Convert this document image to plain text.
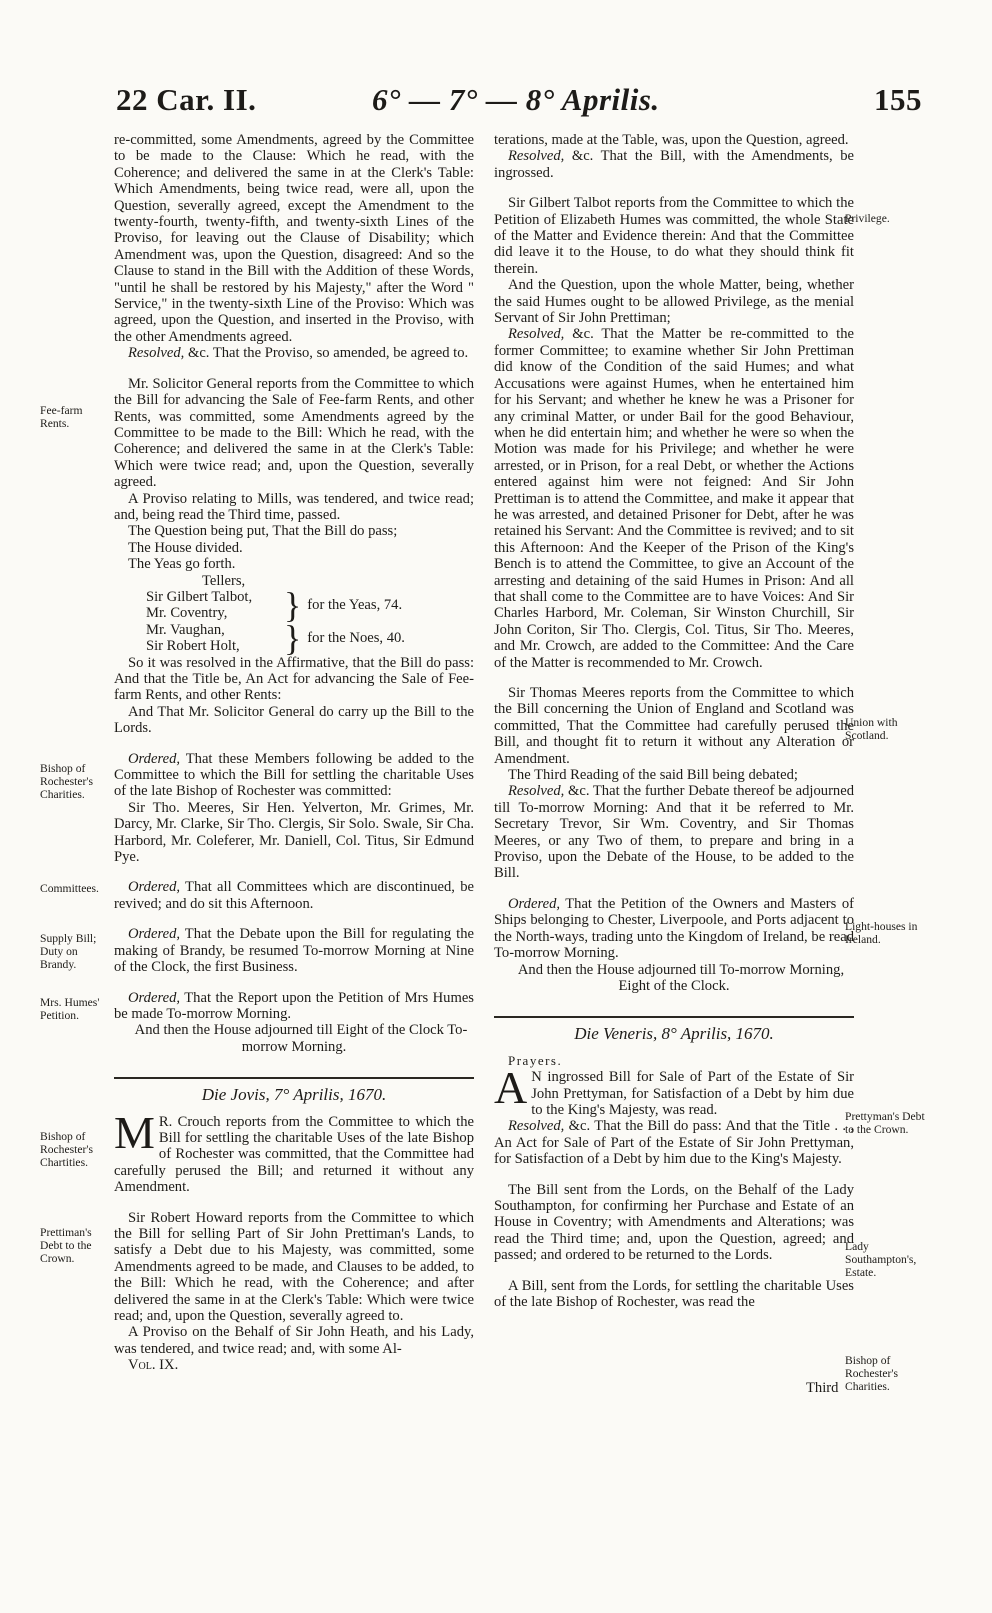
22 Car. II.	6° — 7° — 8° Aprilis.	155

re-committed, some Amendments, agreed by the Committee to be made to the Clause: Which he read, with the Coherence; and delivered the same in at the Clerk's Table: Which Amendments, being twice read, were all, upon the Question, severally agreed, except the Amendment to the twenty-fourth, twenty-fifth, and twenty-sixth Lines of the Proviso, for leaving out the Clause of Disability; which Amendment was, upon the Question, disagreed: And so the Clause to stand in the Bill with the Addition of these Words, "until he shall be restored by his Majesty," after the Word " Service," in the twenty-sixth Line of the Proviso: Which was agreed, upon the Question, and inserted in the Proviso, with the other Amendments agreed.

Resolved, &c. That the Proviso, so amended, be agreed to.

Mr. Solicitor General reports from the Committee to which the Bill for advancing the Sale of Fee-farm Rents, and other Rents, was committed, some Amendments agreed by the Committee to be made to the Bill: Which he read, with the Coherence; and delivered the same in at the Clerk's Table: Which were twice read; and, upon the Question, severally agreed.

A Proviso relating to Mills, was tendered, and twice read; and, being read the Third time, passed.

The Question being put, That the Bill do pass;

The House divided.

The Yeas go forth.

Tellers,

Sir Gilbert Talbot,
Mr. Coventry,	} for the Yeas, 74.
Mr. Vaughan,
Sir Robert Holt,	} for the Noes, 40.

So it was resolved in the Affirmative, that the Bill do pass: And that the Title be, An Act for advancing the Sale of Fee-farm Rents, and other Rents:

And That Mr. Solicitor General do carry up the Bill to the Lords.

Ordered, That these Members following be added to the Committee to which the Bill for settling the charitable Uses of the late Bishop of Rochester was committed:

Sir Tho. Meeres, Sir Hen. Yelverton, Mr. Grimes, Mr. Darcy, Mr. Clarke, Sir Tho. Clergis, Sir Solo. Swale, Sir Cha. Harbord, Mr. Coleferer, Mr. Daniell, Col. Titus, Sir Edmund Pye.

Ordered, That all Committees which are discontinued, be revived; and do sit this Afternoon.

Ordered, That the Debate upon the Bill for regulating the making of Brandy, be resumed To-morrow Morning at Nine of the Clock, the first Business.

Ordered, That the Report upon the Petition of Mrs Humes be made To-morrow Morning.

And then the House adjourned till Eight of the Clock To-morrow Morning.

Die Jovis, 7° Aprilis, 1670.

M R. Crouch reports from the Committee to which the Bill for settling the charitable Uses of the late Bishop of Rochester was committed, that the Committee had carefully perused the Bill; and returned it without any Amendment.

Sir Robert Howard reports from the Committee to which the Bill for selling Part of Sir John Prettiman's Lands, to satisfy a Debt due to his Majesty, was committed, some Amendments agreed to be made, and Clauses to be added, to the Bill: Which he read, with the Coherence; and after delivered the same in at the Clerk's Table: Which were twice read; and, upon the Question, severally agreed to.

A Proviso on the Behalf of Sir John Heath, and his Lady, was tendered, and twice read; and, with some Al-

Vol. IX.

terations, made at the Table, was, upon the Question, agreed.

Resolved, &c. That the Bill, with the Amendments, be ingrossed.

Sir Gilbert Talbot reports from the Committee to which the Petition of Elizabeth Humes was committed, the whole State of the Matter and Evidence therein: And that the Committee did leave it to the House, to do what they should think fit therein.

And the Question, upon the whole Matter, being, whether the said Humes ought to be allowed Privilege, as the menial Servant of Sir John Prettiman;

Resolved, &c. That the Matter be re-committed to the former Committee; to examine whether Sir John Prettiman did know of the Condition of the said Humes; and what Accusations were against Humes, when he entertained him for his Servant; and whether he knew he was a Prisoner for any criminal Matter, or under Bail for the good Behaviour, when he did entertain him; and whether he were so when the Motion was made for his Privilege; and whether he were arrested, or in Prison, for a real Debt, or whether the Actions entered against him were not feigned: And Sir John Prettiman is to attend the Committee, and make it appear that he was arrested, and detained Prisoner for Debt, after he was retained his Servant: And the Committee is revived; and to sit this Afternoon: And the Keeper of the Prison of the King's Bench is to attend the Committee, to give an Account of the arresting and detaining of the said Humes in Prison: And all that shall come to the Committee are to have Voices: And Sir Charles Harbord, Mr. Coleman, Sir Winston Churchill, Sir John Coriton, Sir Tho. Clergis, Col. Titus, Sir Tho. Meeres, and Mr. Crowch, are added to the Committee: And the Care of the Matter is recommended to Mr. Crowch.

Sir Thomas Meeres reports from the Committee to which the Bill concerning the Union of England and Scotland was committed, That the Committee had carefully perused the Bill, and thought fit to return it without any Alteration or Amendment.

The Third Reading of the said Bill being debated;

Resolved, &c. That the further Debate thereof be adjourned till To-morrow Morning: And that it be referred to Mr. Secretary Trevor, Sir Wm. Coventry, and Sir Thomas Meeres, or any Two of them, to prepare and bring in a Proviso, upon the Debate of the House, to be added to the Bill.

Ordered, That the Petition of the Owners and Masters of Ships belonging to Chester, Liverpoole, and Ports adjacent to the North-ways, trading unto the Kingdom of Ireland, be read To-morrow Morning.

And then the House adjourned till To-morrow Morning, Eight of the Clock.

Die Veneris, 8° Aprilis, 1670.

Prayers.

A N ingrossed Bill for Sale of Part of the Estate of Sir John Prettyman, for Satisfaction of a Debt by him due to the King's Majesty, was read.

Resolved, &c. That the Bill do pass: And that the Title . . , An Act for Sale of Part of the Estate of Sir John Prettyman, for Satisfaction of a Debt by him due to the King's Majesty.

The Bill sent from the Lords, on the Behalf of the Lady Southampton, for confirming her Purchase and Estate of an House in Coventry; with Amendments and Alterations; was read the Third time; and, upon the Question, agreed; and passed; and ordered to be returned to the Lords.

A Bill, sent from the Lords, for settling the charitable Uses of the late Bishop of Rochester, was read the

Third
Fee-farm Rents.
Bishop of Rochester's Charities.
Committees.
Supply Bill; Duty on Brandy.
Mrs. Humes' Petition.
Bishop of Rochester's Chartities.
Prettiman's Debt to the Crown.
Privilege.
Union with Scotland.
Light-houses in Ireland.
Prettyman's Debt to the Crown.
Lady Southampton's, Estate.
Bishop of Rochester's Charities.
